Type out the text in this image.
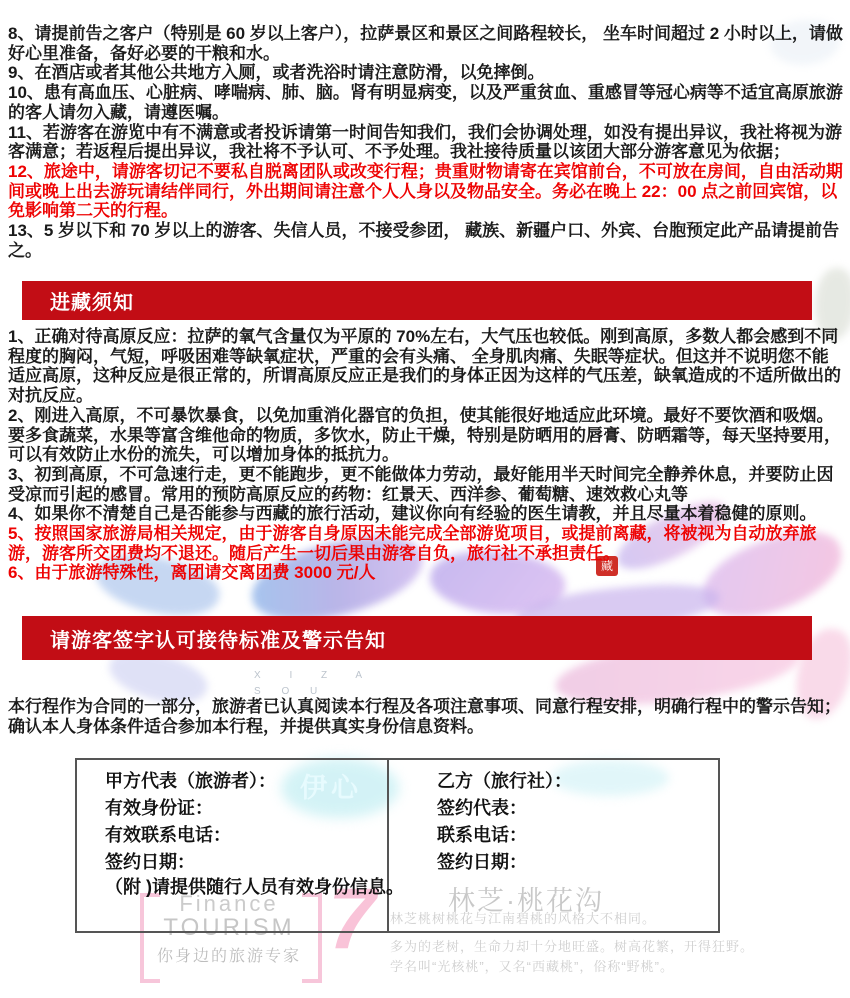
伊心
藏
X I Z A
S O U
7
Finance
TOURISM
你身边的旅游专家
林芝·桃花沟
林芝桃树桃花与江南碧桃的风格大不相同。
多为的老树，生命力却十分地旺盛。树高花繁，开得狂野。
学名叫“光核桃”，又名“西藏桃”，俗称“野桃”。

8、请提前告之客户（特别是 60 岁以上客户），拉萨景区和景区之间路程较长， 坐车时间超过 2 小时以上，请做好心里准备，备好必要的干粮和水。

9、在酒店或者其他公共地方入厕，或者洗浴时请注意防滑，以免摔倒。

10、患有高血压、心脏病、哮喘病、肺、脑。肾有明显病变，以及严重贫血、重感冒等冠心病等不适宜高原旅游的客人请勿入藏，请遵医嘱。

11、若游客在游览中有不满意或者投诉请第一时间告知我们，我们会协调处理，如没有提出异议，我社将视为游客满意；若返程后提出异议，我社将不予认可、不予处理。我社接待质量以该团大部分游客意见为依据；

12、旅途中，请游客切记不要私自脱离团队或改变行程；贵重财物请寄在宾馆前台，不可放在房间，自由活动期间或晚上出去游玩请结伴同行，外出期间请注意个人人身以及物品安全。务必在晚上 22：00 点之前回宾馆，以免影响第二天的行程。

13、5 岁以下和 70 岁以上的游客、失信人员，不接受参团， 藏族、新疆户口、外宾、台胞预定此产品请提前告之。

进藏须知

1、正确对待高原反应：拉萨的氧气含量仅为平原的 70%左右，大气压也较低。刚到高原，多数人都会感到不同程度的胸闷，气短，呼吸困难等缺氧症状，严重的会有头痛、 全身肌肉痛、失眠等症状。但这并不说明您不能适应高原，这种反应是很正常的，所谓高原反应正是我们的身体正因为这样的气压差，缺氧造成的不适所做出的对抗反应。

2、刚进入高原，不可暴饮暴食，以免加重消化器官的负担，使其能很好地适应此环境。最好不要饮酒和吸烟。要多食蔬菜，水果等富含维他命的物质，多饮水，防止干燥，特别是防晒用的唇膏、防晒霜等，每天坚持要用，可以有效防止水份的流失，可以增加身体的抵抗力。

3、初到高原，不可急速行走，更不能跑步，更不能做体力劳动，最好能用半天时间完全静养休息，并要防止因受凉而引起的感冒。常用的预防高原反应的药物：红景天、西洋参、葡萄糖、速效救心丸等

4、如果你不清楚自己是否能参与西藏的旅行活动，建议你向有经验的医生请教，并且尽量本着稳健的原则。

5、按照国家旅游局相关规定，由于游客自身原因未能完成全部游览项目，或提前离藏，将被视为自动放弃旅游，游客所交团费均不退还。随后产生一切后果由游客自负，旅行社不承担责任。

6、由于旅游特殊性，离团请交离团费 3000 元/人

请游客签字认可接待标准及警示告知

本行程作为合同的一部分，旅游者已认真阅读本行程及各项注意事项、同意行程安排，明确行程中的警示告知；确认本人身体条件适合参加本行程，并提供真实身份信息资料。

甲方代表（旅游者）：
有效身份证：
有效联系电话：
签约日期：
（附 )请提供随行人员有效身份信息。
乙方（旅行社）：
签约代表：
联系电话：
签约日期：
